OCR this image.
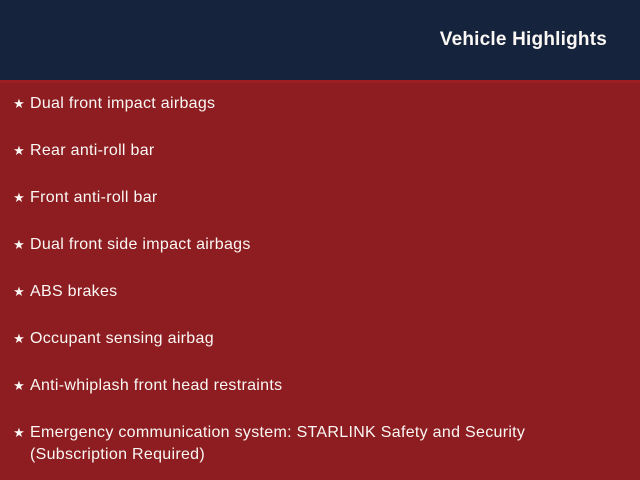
Vehicle Highlights
★ Dual front impact airbags
★ Rear anti-roll bar
★ Front anti-roll bar
★ Dual front side impact airbags
★ ABS brakes
★ Occupant sensing airbag
★ Anti-whiplash front head restraints
★ Emergency communication system: STARLINK Safety and Security (Subscription Required)
